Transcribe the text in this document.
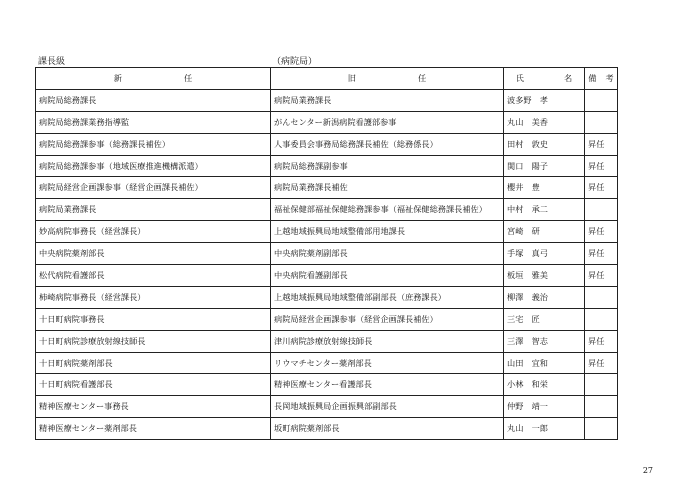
課長級	（病院局）
新 任	旧 任	氏 名	備 考

病院局総務課長	病院局業務課長	波多野　孝	
病院局総務課業務指導監	がんセンター新潟病院看護部参事	丸山　美香	
病院局総務課参事（総務課長補佐）	人事委員会事務局総務課長補佐（総務係長）	田村　敦史	昇任
病院局総務課参事（地域医療推進機構派遣）	病院局総務課副参事	関口　陽子	昇任
病院局経営企画課参事（経営企画課長補佐）	病院局業務課長補佐	櫻井　豊	昇任
病院局業務課長	福祉保健部福祉保健総務課参事（福祉保健総務課長補佐）	中村　承二	
妙高病院事務長（経営課長）	上越地域振興局地域整備部用地課長	宮崎　研	昇任
中央病院薬剤部長	中央病院薬剤副部長	手塚　真弓	昇任
松代病院看護部長	中央病院看護副部長	板垣　雅美	昇任
柿崎病院事務長（経営課長）	上越地域振興局地域整備部副部長（庶務課長）	柳澤　義治	
十日町病院事務長	病院局経営企画課参事（経営企画課長補佐）	三宅　匠	
十日町病院診療放射線技師長	津川病院診療放射線技師長	三澤　智志	昇任
十日町病院薬剤部長	リウマチセンター薬剤部長	山田　宜和	昇任
十日町病院看護部長	精神医療センター看護部長	小林　和栄	
精神医療センター事務長	長岡地域振興局企画振興部副部長	仲野　靖一	
精神医療センター薬剤部長	坂町病院薬剤部長	丸山　一郎	
27
